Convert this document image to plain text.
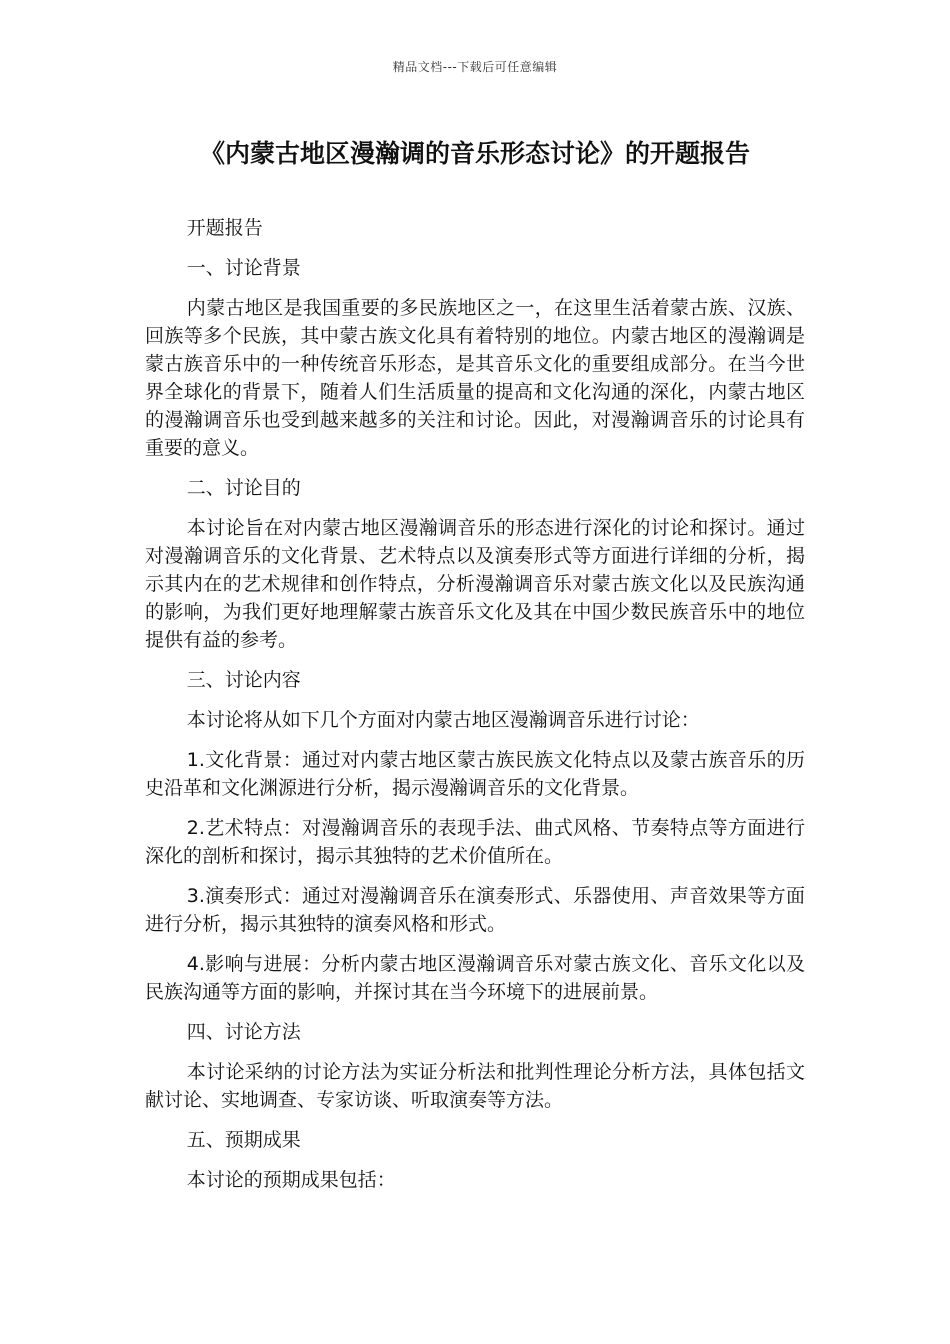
精品文档---下载后可任意编辑
《内蒙古地区漫瀚调的音乐形态讨论》的开题报告

开题报告

一、讨论背景

内蒙古地区是我国重要的多民族地区之一，在这里生活着蒙古族、汉族、回族等多个民族，其中蒙古族文化具有着特别的地位。内蒙古地区的漫瀚调是蒙古族音乐中的一种传统音乐形态，是其音乐文化的重要组成部分。在当今世界全球化的背景下，随着人们生活质量的提高和文化沟通的深化，内蒙古地区的漫瀚调音乐也受到越来越多的关注和讨论。因此，对漫瀚调音乐的讨论具有重要的意义。

二、讨论目的

本讨论旨在对内蒙古地区漫瀚调音乐的形态进行深化的讨论和探讨。通过对漫瀚调音乐的文化背景、艺术特点以及演奏形式等方面进行详细的分析，揭示其内在的艺术规律和创作特点，分析漫瀚调音乐对蒙古族文化以及民族沟通的影响，为我们更好地理解蒙古族音乐文化及其在中国少数民族音乐中的地位提供有益的参考。

三、讨论内容

本讨论将从如下几个方面对内蒙古地区漫瀚调音乐进行讨论：

1.文化背景：通过对内蒙古地区蒙古族民族文化特点以及蒙古族音乐的历史沿革和文化渊源进行分析，揭示漫瀚调音乐的文化背景。

2.艺术特点：对漫瀚调音乐的表现手法、曲式风格、节奏特点等方面进行深化的剖析和探讨，揭示其独特的艺术价值所在。

3.演奏形式：通过对漫瀚调音乐在演奏形式、乐器使用、声音效果等方面进行分析，揭示其独特的演奏风格和形式。

4.影响与进展：分析内蒙古地区漫瀚调音乐对蒙古族文化、音乐文化以及民族沟通等方面的影响，并探讨其在当今环境下的进展前景。

四、讨论方法

本讨论采纳的讨论方法为实证分析法和批判性理论分析方法，具体包括文献讨论、实地调查、专家访谈、听取演奏等方法。

五、预期成果

本讨论的预期成果包括：
